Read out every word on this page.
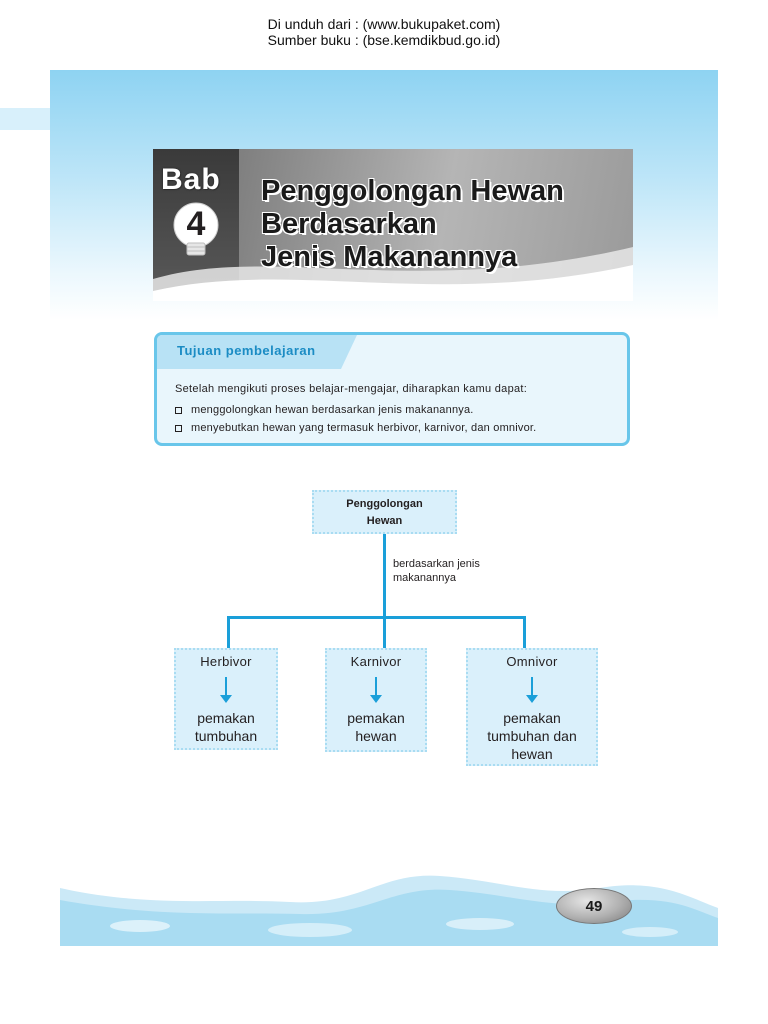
Di unduh dari : (www.bukupaket.com)
Sumber buku : (bse.kemdikbud.go.id)
Bab
4
Penggolongan Hewan
Berdasarkan
Jenis Makanannya
Tujuan pembelajaran
Setelah mengikuti proses belajar-mengajar, diharapkan kamu dapat:
menggolongkan hewan berdasarkan jenis makanannya.
menyebutkan hewan yang termasuk herbivor, karnivor, dan omnivor.
Penggolongan
Hewan
berdasarkan jenis
makanannya
Herbivor
pemakan
tumbuhan
Karnivor
pemakan
hewan
Omnivor
pemakan
tumbuhan dan
hewan
49
